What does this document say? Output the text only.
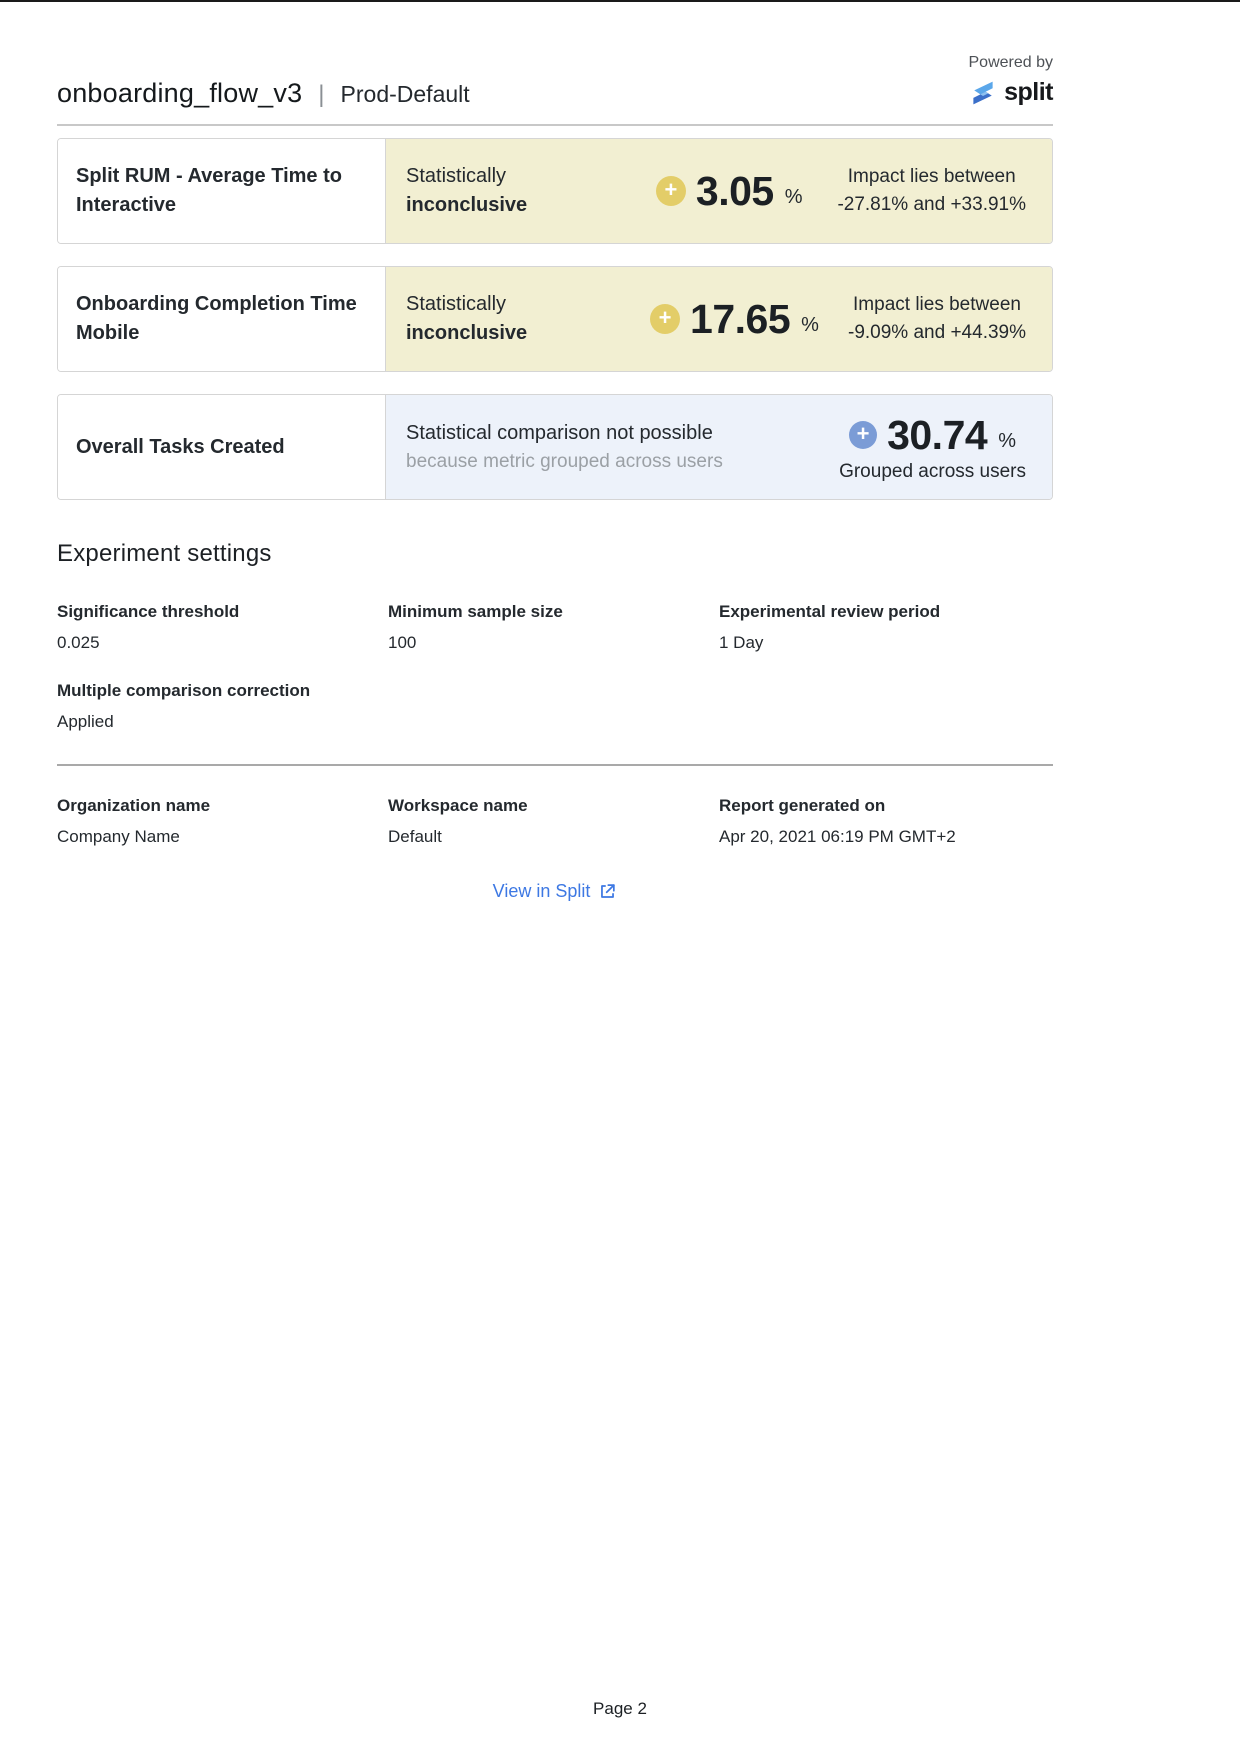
Powered by
split
onboarding_flow_v3 | Prod-Default
Split RUM - Average Time to Interactive
Statistically
inconclusive
+ 3.05 %
Impact lies between
-27.81% and +33.91%
Onboarding Completion Time Mobile
Statistically
inconclusive
+ 17.65 %
Impact lies between
-9.09% and +44.39%
Overall Tasks Created
Statistical comparison not possible
because metric grouped across users
+ 30.74 %
Grouped across users
Experiment settings
Significance threshold
0.025
Minimum sample size
100
Experimental review period
1 Day
Multiple comparison correction
Applied
Organization name
Company Name
Workspace name
Default
Report generated on
Apr 20, 2021 06:19 PM GMT+2
View in Split
Page 2
